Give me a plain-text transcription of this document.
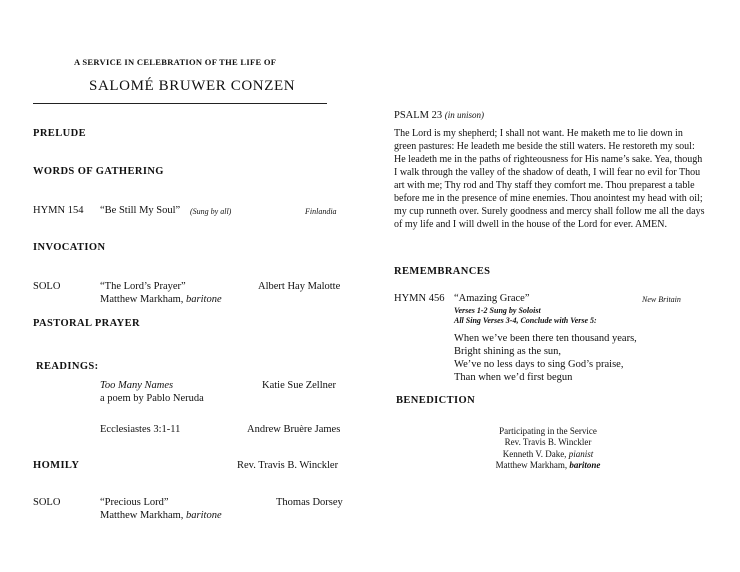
A SERVICE IN CELEBRATION OF THE LIFE OF
SALOMÉ BRUWER CONZEN
PRELUDE
WORDS OF GATHERING
HYMN 154 “Be Still My Soul” (Sung by all)	Finlandia
INVOCATION
SOLO	“The Lord’s Prayer”	Albert Hay Malotte
Matthew Markham, baritone
PASTORAL PRAYER
READINGS:
Too Many Names	Katie Sue Zellner
a poem by Pablo Neruda
Ecclesiastes 3:1-11	Andrew Bruère James
HOMILY	Rev. Travis B. Winckler
SOLO	“Precious Lord”	Thomas Dorsey
Matthew Markham, baritone
PSALM 23 (in unison)
The Lord is my shepherd; I shall not want. He maketh me to lie down in green pastures: He leadeth me beside the still waters. He restoreth my soul: He leadeth me in the paths of righteousness for His name’s sake. Yea, though I walk through the valley of the shadow of death, I will fear no evil for Thou art with me; Thy rod and Thy staff they comfort me. Thou preparest a table before me in the presence of mine enemies. Thou anointest my head with oil; my cup runneth over. Surely goodness and mercy shall follow me all the days of my life and I will dwell in the house of the Lord for ever. AMEN.
REMEMBRANCES
HYMN 456 “Amazing Grace”	New Britain
Verses 1-2 Sung by Soloist
All Sing Verses 3-4, Conclude with Verse 5:
When we’ve been there ten thousand years,
Bright shining as the sun,
We’ve no less days to sing God’s praise,
Than when we’d first begun
BENEDICTION
Participating in the Service
Rev. Travis B. Winckler
Kenneth V. Dake, pianist
Matthew Markham, baritone
